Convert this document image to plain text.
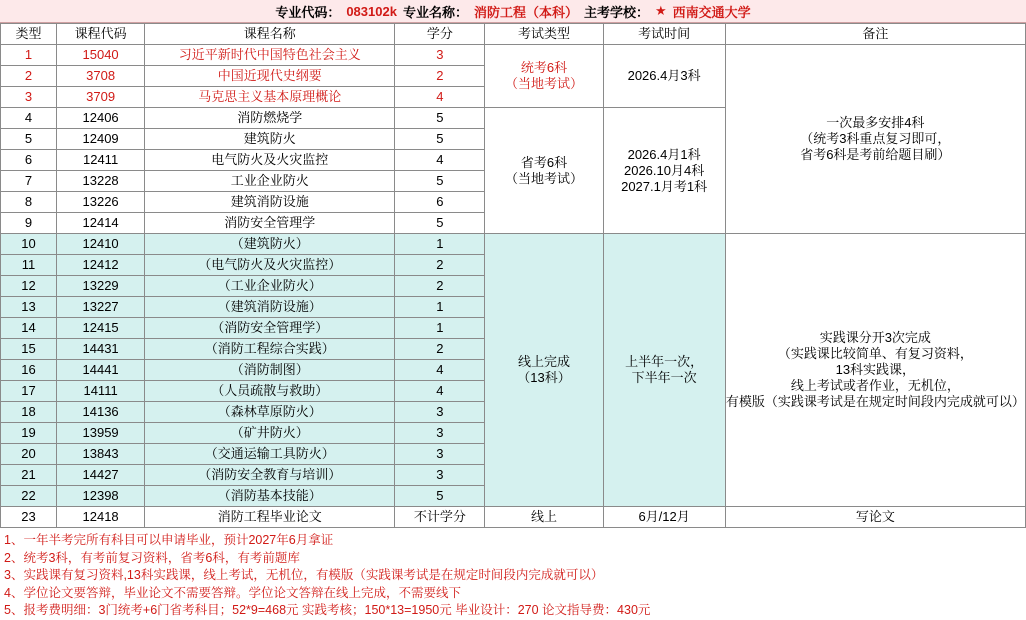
专业代码： 083102k 专业名称： 消防工程（本科） 主考学校： ★ 西南交通大学
类型	课程代码	课程名称	学分	考试类型	考试时间	备注
1	15040	习近平新时代中国特色社会主义	3	统考6科
（当地考试）	2026.4月3科	一次最多安排4科
（统考3科重点复习即可，
省考6科是考前给题目刷）
2	3708	中国近现代史纲要	2			
3	3709	马克思主义基本原理概论	4			
4	12406	消防燃烧学	5	省考6科
（当地考试）	2026.4月1科
2026.10月4科
2027.1月考1科	
5	12409	建筑防火	5			
6	12411	电气防火及火灾监控	4			
7	13228	工业企业防火	5			
8	13226	建筑消防设施	6			
9	12414	消防安全管理学	5			
10	12410	（建筑防火）	1	线上完成
（13科）	上半年一次，
下半年一次	实践课分开3次完成
（实践课比较简单、有复习资料，
13科实践课，
线上考试或者作业，无机位，
有模版（实践课考试是在规定时间段内完成就可以）
11	12412	（电气防火及火灾监控）	2			
12	13229	（工业企业防火）	2			
13	13227	（建筑消防设施）	1			
14	12415	（消防安全管理学）	1			
15	14431	（消防工程综合实践）	2			
16	14441	（消防制图）	4			
17	14111	（人员疏散与救助）	4			
18	14136	（森林草原防火）	3			
19	13959	（矿井防火）	3			
20	13843	（交通运输工具防火）	3			
21	14427	（消防安全教育与培训）	3			
22	12398	（消防基本技能）	5			
23	12418	消防工程毕业论文	不计学分	线上	6月/12月	写论文
1、一年半考完所有科目可以申请毕业，预计2027年6月拿证
2、统考3科，有考前复习资料，省考6科，有考前题库
3、实践课有复习资料,13科实践课，线上考试，无机位，有模版（实践课考试是在规定时间段内完成就可以）
4、学位论文要答辩，毕业论文不需要答辩。学位论文答辩在线上完成，不需要线下
5、报考费明细：3门统考+6门省考科目；52*9=468元 实践考核；150*13=1950元 毕业设计：270 论文指导费：430元
